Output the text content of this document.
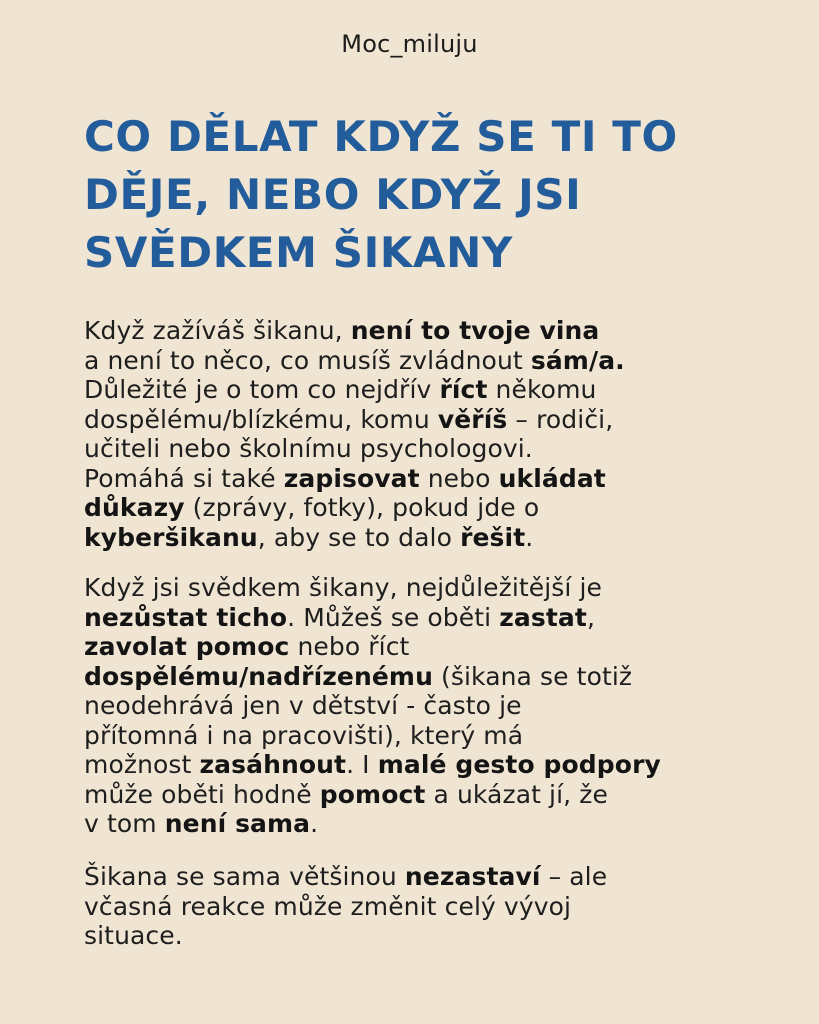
Moc_miluju
CO DĚLAT KDYŽ SE TI TO
DĚJE, NEBO KDYŽ JSI
SVĚDKEM ŠIKANY

Když zažíváš šikanu, není to tvoje vina
a není to něco, co musíš zvládnout sám/a.
Důležité je o tom co nejdřív říct někomu
dospělému/blízkému, komu věříš – rodiči,
učiteli nebo školnímu psychologovi.
Pomáhá si také zapisovat nebo ukládat
důkazy (zprávy, fotky), pokud jde o
kyberšikanu, aby se to dalo řešit.

Když jsi svědkem šikany, nejdůležitější je
nezůstat ticho. Můžeš se oběti zastat,
zavolat pomoc nebo říct
dospělému/nadřízenému (šikana se totiž
neodehrává jen v dětství - často je
přítomná i na pracovišti), který má
možnost zasáhnout. I malé gesto podpory
může oběti hodně pomoct a ukázat jí, že
v tom není sama.

Šikana se sama většinou nezastaví – ale
včasná reakce může změnit celý vývoj
situace.
